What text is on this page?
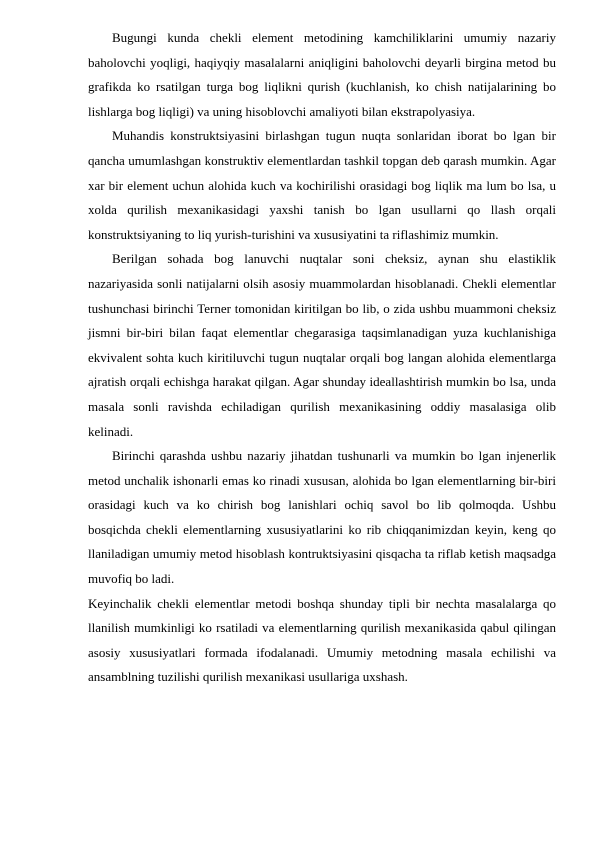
Bugungi kunda chekli element metodining kamchiliklarini umumiy nazariy baholovchi yoqligi, haqiyqiy masalalarni aniqligini baholovchi deyarli birgina metod bu grafikda ko rsatilgan turga bog liqlikni qurish (kuchlanish, ko chish natijalarining bo lishlarga bog liqligi) va uning hisoblovchi amaliyoti bilan ekstrapolyasiya.

Muhandis konstruktsiyasini birlashgan tugun nuqta sonlaridan iborat bo lgan bir qancha umumlashgan konstruktiv elementlardan tashkil topgan deb qarash mumkin. Agar xar bir element uchun alohida kuch va kochirilishi orasidagi bog liqlik ma lum bo lsa, u xolda qurilish mexanikasidagi yaxshi tanish bo lgan usullarni qo llash orqali konstruktsiyaning to liq yurish-turishini va xususiyatini ta riflashimiz mumkin.

Berilgan sohada bog lanuvchi nuqtalar soni cheksiz, aynan shu elastiklik nazariyasida sonli natijalarni olsih asosiy muammolardan hisoblanadi. Chekli elementlar tushunchasi birinchi Terner tomonidan kiritilgan bo lib, o zida ushbu muammoni cheksiz jismni bir-biri bilan faqat elementlar chegarasiga taqsimlanadigan yuza kuchlanishiga ekvivalent sohta kuch kiritiluvchi tugun nuqtalar orqali bog langan alohida elementlarga ajratish orqali echishga harakat qilgan. Agar shunday ideallashtirish mumkin bo lsa, unda masala sonli ravishda echiladigan qurilish mexanikasining oddiy masalasiga olib kelinadi.

Birinchi qarashda ushbu nazariy jihatdan tushunarli va mumkin bo lgan injenerlik metod unchalik ishonarli emas ko rinadi xususan, alohida bo lgan elementlarning bir-biri orasidagi kuch va ko chirish bog lanishlari ochiq savol bo lib qolmoqda. Ushbu bosqichda chekli elementlarning xususiyatlarini ko rib chiqqanimizdan keyin, keng qo llaniladigan umumiy metod hisoblash kontruktsiyasini qisqacha ta riflab ketish maqsadga muvofiq bo ladi.

Keyinchalik chekli elementlar metodi boshqa shunday tipli bir nechta masalalarga qo llanilish mumkinligi ko rsatiladi va elementlarning qurilish mexanikasida qabul qilingan asosiy xususiyatlari formada ifodalanadi. Umumiy metodning masala echilishi va ansamblning tuzilishi qurilish mexanikasi usullariga uxshash.
